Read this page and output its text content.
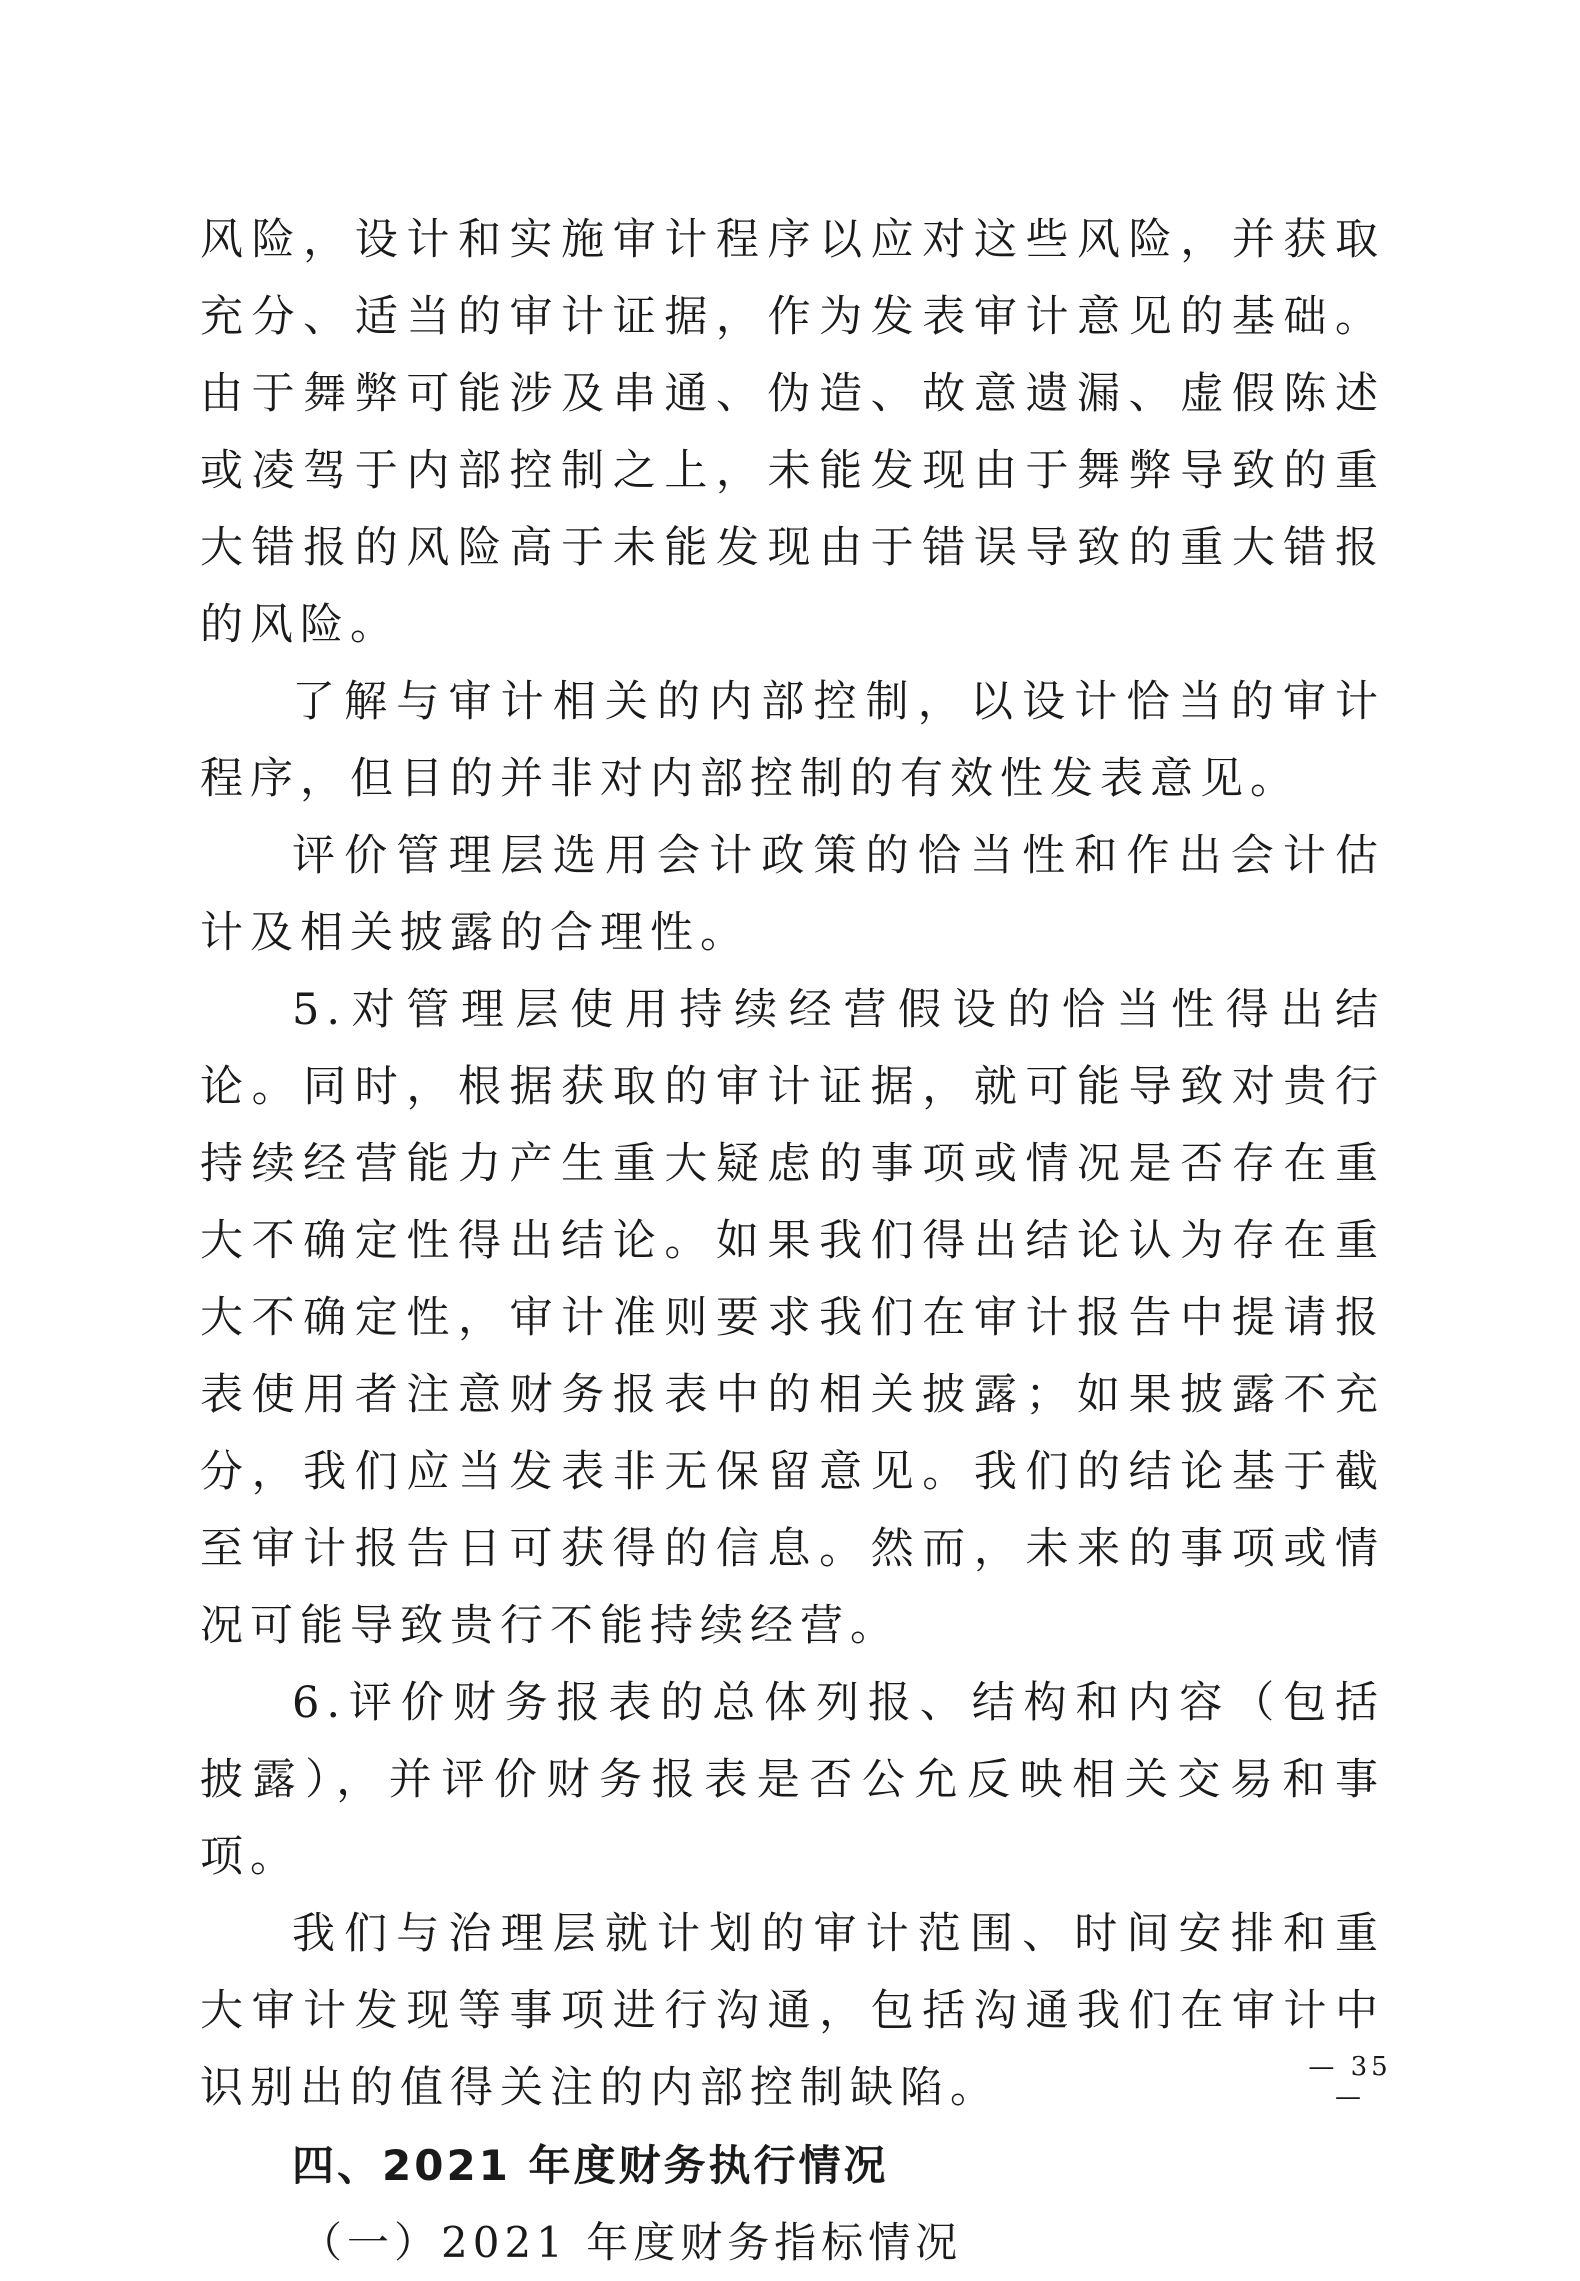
风险，设计和实施审计程序以应对这些风险，并获取充分、适当的审计证据，作为发表审计意见的基础。由于舞弊可能涉及串通、伪造、故意遗漏、虚假陈述或凌驾于内部控制之上，未能发现由于舞弊导致的重大错报的风险高于未能发现由于错误导致的重大错报的风险。

了解与审计相关的内部控制，以设计恰当的审计程序，但目的并非对内部控制的有效性发表意见。

评价管理层选用会计政策的恰当性和作出会计估计及相关披露的合理性。

5.对管理层使用持续经营假设的恰当性得出结论。同时，根据获取的审计证据，就可能导致对贵行持续经营能力产生重大疑虑的事项或情况是否存在重大不确定性得出结论。如果我们得出结论认为存在重大不确定性，审计准则要求我们在审计报告中提请报表使用者注意财务报表中的相关披露；如果披露不充分，我们应当发表非无保留意见。我们的结论基于截至审计报告日可获得的信息。然而，未来的事项或情况可能导致贵行不能持续经营。

6.评价财务报表的总体列报、结构和内容（包括披露），并评价财务报表是否公允反映相关交易和事项。

我们与治理层就计划的审计范围、时间安排和重大审计发现等事项进行沟通，包括沟通我们在审计中识别出的值得关注的内部控制缺陷。

四、2021 年度财务执行情况

（一）2021 年度财务指标情况

— 35 —
